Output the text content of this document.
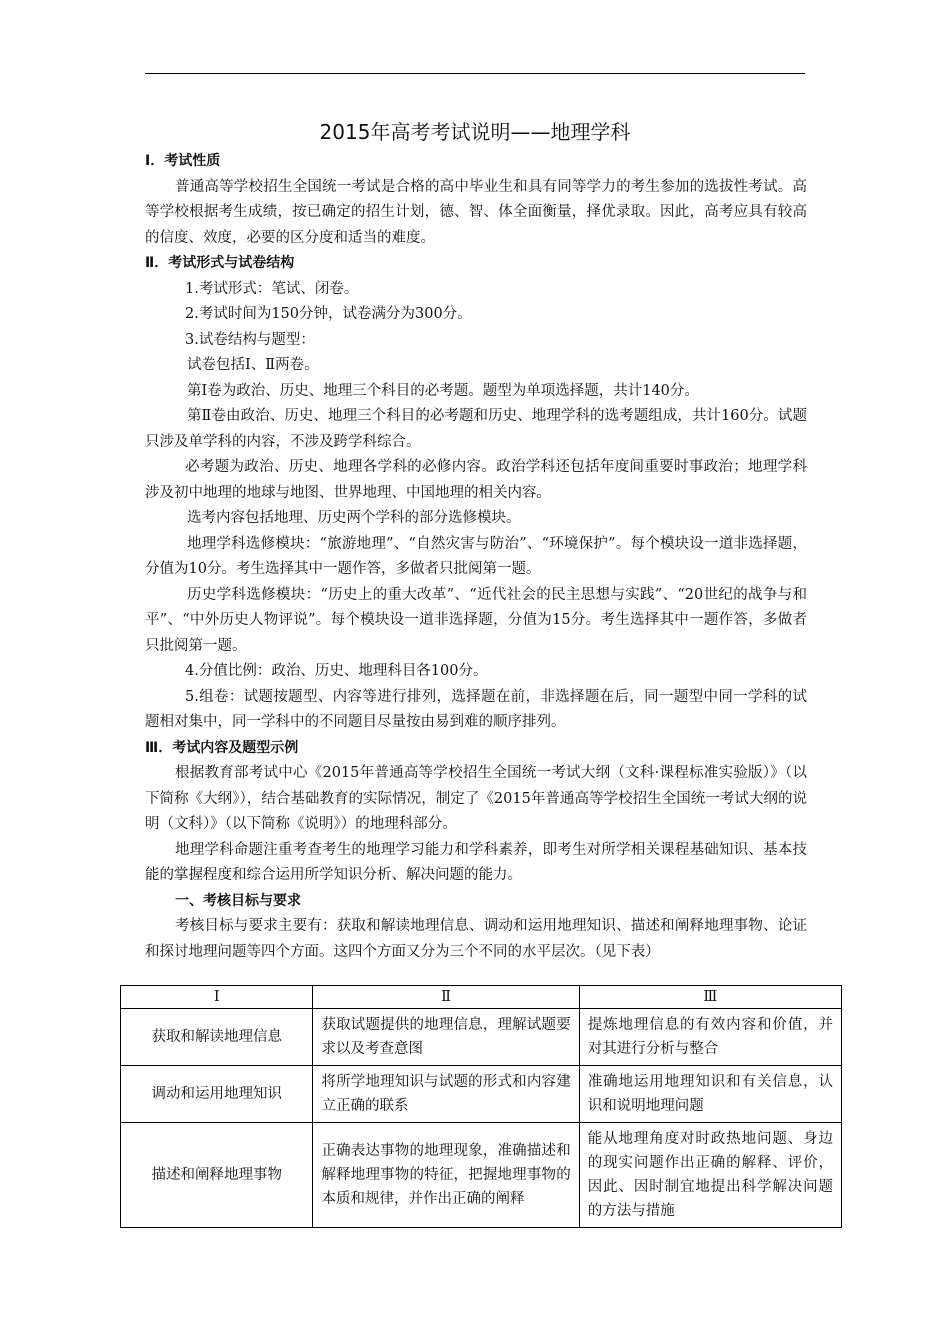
2015年高考考试说明——地理学科

Ⅰ．考试性质

普通高等学校招生全国统一考试是合格的高中毕业生和具有同等学力的考生参加的选拔性考试。高等学校根据考生成绩，按已确定的招生计划，德、智、体全面衡量，择优录取。因此，高考应具有较高的信度、效度，必要的区分度和适当的难度。

Ⅱ．考试形式与试卷结构

1.考试形式：笔试、闭卷。

2.考试时间为150分钟，试卷满分为300分。

3.试卷结构与题型：

试卷包括Ⅰ、Ⅱ两卷。

第Ⅰ卷为政治、历史、地理三个科目的必考题。题型为单项选择题，共计140分。

第Ⅱ卷由政治、历史、地理三个科目的必考题和历史、地理学科的选考题组成，共计160分。试题只涉及单学科的内容，不涉及跨学科综合。

必考题为政治、历史、地理各学科的必修内容。政治学科还包括年度间重要时事政治；地理学科涉及初中地理的地球与地图、世界地理、中国地理的相关内容。

选考内容包括地理、历史两个学科的部分选修模块。

地理学科选修模块：“旅游地理”、“自然灾害与防治”、“环境保护”。每个模块设一道非选择题，分值为10分。考生选择其中一题作答，多做者只批阅第一题。

历史学科选修模块：“历史上的重大改革”、“近代社会的民主思想与实践”、“20世纪的战争与和平”、“中外历史人物评说”。每个模块设一道非选择题，分值为15分。考生选择其中一题作答，多做者只批阅第一题。

4.分值比例：政治、历史、地理科目各100分。

5.组卷：试题按题型、内容等进行排列，选择题在前，非选择题在后，同一题型中同一学科的试题相对集中，同一学科中的不同题目尽量按由易到难的顺序排列。

Ⅲ．考试内容及题型示例

根据教育部考试中心《2015年普通高等学校招生全国统一考试大纲（文科·课程标准实验版）》（以下简称《大纲》），结合基础教育的实际情况，制定了《2015年普通高等学校招生全国统一考试大纲的说明（文科）》（以下简称《说明》）的地理科部分。

地理学科命题注重考查考生的地理学习能力和学科素养，即考生对所学相关课程基础知识、基本技能的掌握程度和综合运用所学知识分析、解决问题的能力。

一、考核目标与要求

考核目标与要求主要有：获取和解读地理信息、调动和运用地理知识、描述和阐释地理事物、论证和探讨地理问题等四个方面。这四个方面又分为三个不同的水平层次。（见下表）

Ⅰ	Ⅱ	Ⅲ
获取和解读地理信息	获取试题提供的地理信息，理解试题要求以及考查意图	提炼地理信息的有效内容和价值，并对其进行分析与整合
调动和运用地理知识	将所学地理知识与试题的形式和内容建立正确的联系	准确地运用地理知识和有关信息，认识和说明地理问题
描述和阐释地理事物	正确表达事物的地理现象，准确描述和解释地理事物的特征，把握地理事物的本质和规律，并作出正确的阐释	能从地理角度对时政热地问题、身边的现实问题作出正确的解释、评价，因此、因时制宜地提出科学解决问题的方法与措施
